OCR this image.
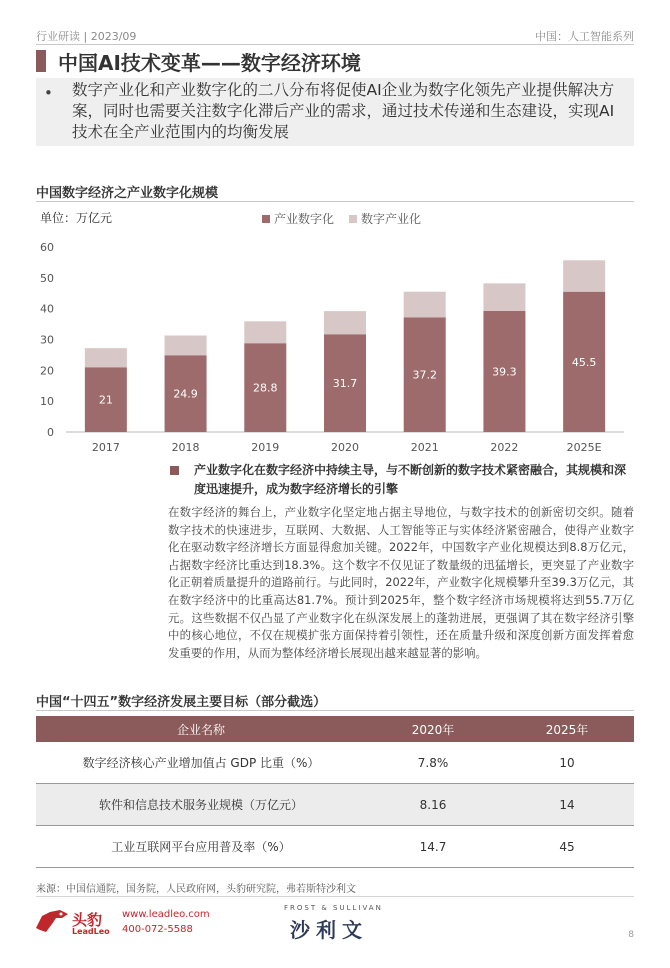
行业研读 | 2023/09	中国：人工智能系列
中国AI技术变革——数字经济环境
• 数字产业化和产业数字化的二八分布将促使AI企业为数字化领先产业提供解决方案，同时也需要关注数字化滞后产业的需求，通过技术传递和生态建设，实现AI技术在全产业范围内的均衡发展
中国数字经济之产业数字化规模
单位：万亿元	产业数字化 数字产业化
0
10
20
30
40
50
60
21	24.9	28.8	31.7
37.2	39.3
45.5
2017	2018	2019	2020	2021	2022	2025E
产业数字化在数字经济中持续主导，与不断创新的数字技术紧密融合，其规模和深度迅速提升，成为数字经济增长的引擎
在数字经济的舞台上，产业数字化坚定地占据主导地位，与数字技术的创新密切交织。随着数字技术的快速进步，互联网、大数据、人工智能等正与实体经济紧密融合，使得产业数字化在驱动数字经济增长方面显得愈加关键。2022年，中国数字产业化规模达到8.8万亿元，占据数字经济比重达到18.3%。这个数字不仅见证了数量级的迅猛增长，更突显了产业数字化正朝着质量提升的道路前行。与此同时，2022年，产业数字化规模攀升至39.3万亿元，其在数字经济中的比重高达81.7%。预计到2025年，整个数字经济市场规模将达到55.7万亿元。这些数据不仅凸显了产业数字化在纵深发展上的蓬勃进展，更强调了其在数字经济引擎中的核心地位，不仅在规模扩张方面保持着引领性，还在质量升级和深度创新方面发挥着愈发重要的作用，从而为整体经济增长展现出越来越显著的影响。
中国“十四五”数字经济发展主要目标（部分截选）
企业名称	2020年	2025年
数字经济核心产业增加值占 GDP 比重（%）	7.8%	10
软件和信息技术服务业规模（万亿元）	8.16	14
工业互联网平台应用普及率（%）	14.7	45
来源：中国信通院，国务院，人民政府网，头豹研究院，弗若斯特沙利文
头豹
LeadLeo
www.leadleo.com
400-072-5588
FROST & SULLIVAN
沙利文	8
